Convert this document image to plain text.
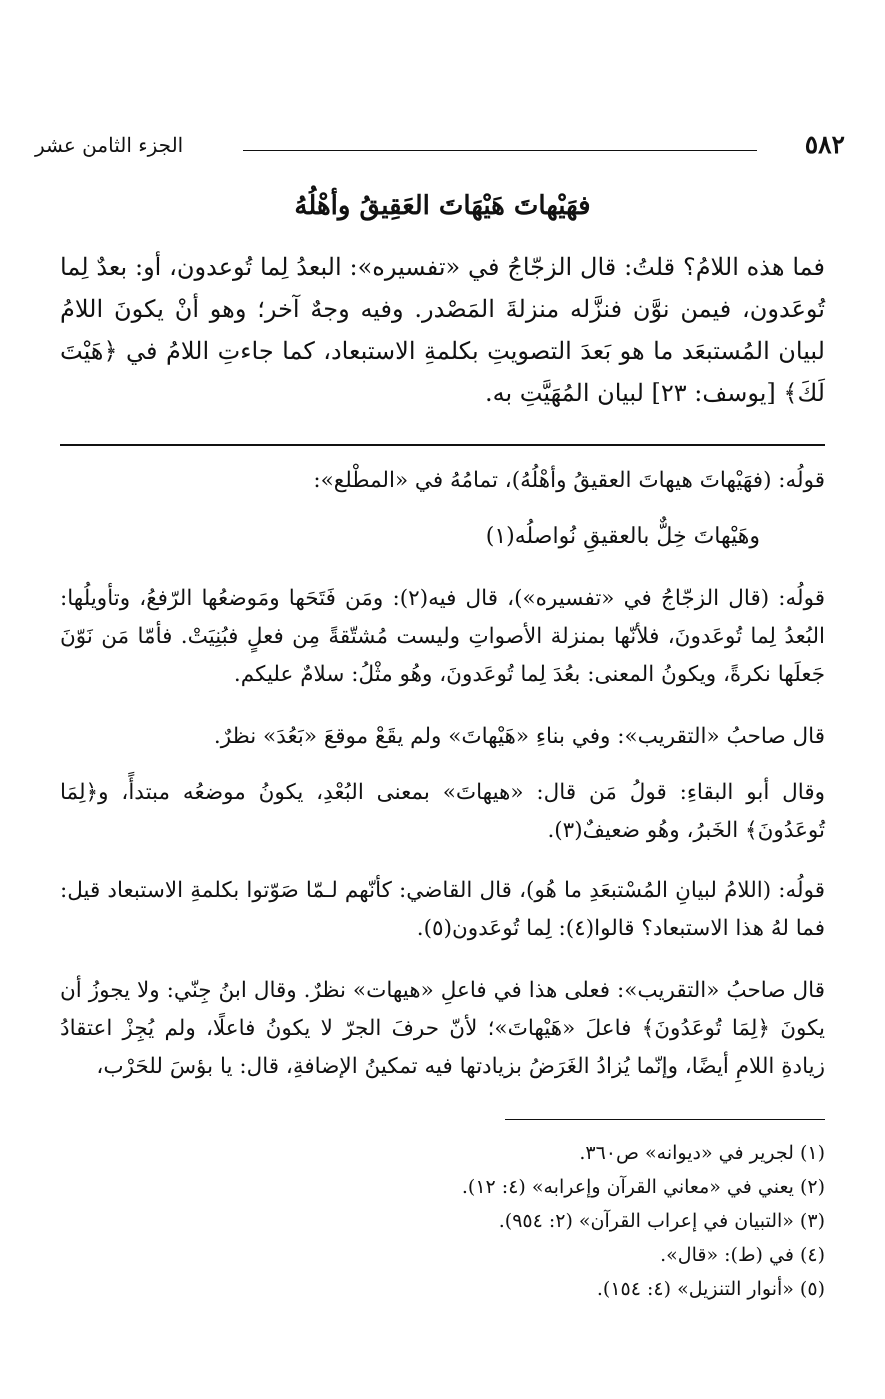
٥٨٢
الجزء الثامن عشر
فهَيْهاتَ هَيْهَاتَ العَقِيقُ وأهْلُهُ
فما هذه اللامُ؟ قلتُ: قال الزجّاجُ في «تفسيره»: البعدُ لِما تُوعدون، أو: بعدٌ لِما تُوعَدون، فيمن نوَّن فنزَّله منزلةَ المَصْدر. وفيه وجهٌ آخر؛ وهو أنْ يكونَ اللامُ لبيان المُستبعَد ما هو بَعدَ التصويتِ بكلمةِ الاستبعاد، كما جاءتِ اللامُ في ﴿هَيْتَ لَكَ﴾ [يوسف: ٢٣] لبيان المُهَيَّتِ به.
قولُه: (فهَيْهاتَ هيهاتَ العقيقُ وأهْلُهُ)، تمامُهُ في «المطْلع»:
وهَيْهاتَ خِلٌّ بالعقيقِ نُواصلُه(١)
قولُه: (قال الزجّاجُ في «تفسيره»)، قال فيه(٢): ومَن فَتَحَها ومَوضعُها الرّفعُ، وتأويلُها: البُعدُ لِما تُوعَدونَ، فلأنّها بمنزلة الأصواتِ وليست مُشتّقةً مِن فعلٍ فبُنِيَتْ. فأمّا مَن نَوّنَ جَعلَها نكرةً، ويكونُ المعنى: بعُدَ لِما تُوعَدونَ، وهُو مثْلُ: سلامٌ عليكم.
قال صاحبُ «التقريب»: وفي بناءِ «هَيْهاتَ» ولم يقَعْ موقعَ «بَعُدَ» نظرٌ.
وقال أبو البقاءِ: قولُ مَن قال: «هيهاتَ» بمعنى البُعْدِ، يكونُ موضعُه مبتدأً، و﴿لِمَا تُوعَدُونَ﴾ الخَبرُ، وهُو ضعيفٌ(٣).
قولُه: (اللامُ لبيانِ المُسْتبعَدِ ما هُو)، قال القاضي: كأنّهم لـمّا صَوّتوا بكلمةِ الاستبعاد قيل: فما لهُ هذا الاستبعاد؟ قالوا(٤): لِما تُوعَدون(٥).
قال صاحبُ «التقريب»: فعلى هذا في فاعلِ «هيهات» نظرٌ. وقال ابنُ جِنّي: ولا يجوزُ أن يكونَ ﴿لِمَا تُوعَدُونَ﴾ فاعلَ «هَيْهاتَ»؛ لأنّ حرفَ الجرّ لا يكونُ فاعلًا، ولم يُجِزْ اعتقادُ زيادةِ اللامِ أيضًا، وإنّما يُزادُ الغَرَضُ بزيادتها فيه تمكينُ الإضافةِ، قال: يا بؤسَ للحَرْب،
(١) لجرير في «ديوانه» ص٣٦٠.
(٢) يعني في «معاني القرآن وإعرابه» (٤: ١٢).
(٣) «التبيان في إعراب القرآن» (٢: ٩٥٤).
(٤) في (ط): «قال».
(٥) «أنوار التنزيل» (٤: ١٥٤).
